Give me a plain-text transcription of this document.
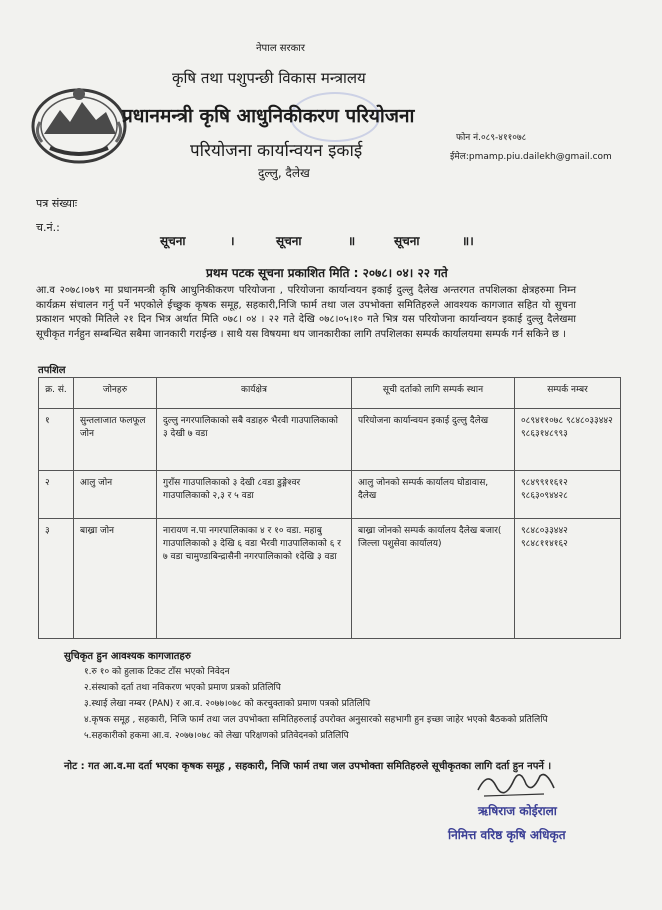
नेपाल सरकार
कृषि तथा पशुपन्छी विकास मन्त्रालय
प्रधानमन्त्री कृषि आधुनिकीकरण परियोजना
परियोजना कार्यान्वयन इकाई
दुल्लु, दैलेख
फोन नं.०८९-४११०७८
ईमेल:pmamp.piu.dailekh@gmail.com
पत्र संख्याः
च.नं.:
सूचना	।	सूचना	॥	सूचना	॥।
प्रथम पटक सूचना प्रकाशित मिति : २०७८। ०४। २२ गते
आ.व २०७८।०७९ मा प्रधानमन्त्री कृषि आधुनिकीकरण परियोजना , परियोजना कार्यान्वयन इकाई दुल्लु दैलेख अन्तरगत तपशिलका क्षेत्रहरुमा निम्न कार्यक्रम संचालन गर्नु पर्ने भएकोले ईच्छुक कृषक समूह, सहकारी,निजि फार्म तथा जल उपभोक्ता समितिहरुले आवश्यक कागजात सहित यो सुचना प्रकाशन भएको मितिले २१ दिन भित्र अर्थात मिति ०७८। ०४ । २२ गते देखि ०७८।०५।१० गते भित्र यस परियोजना कार्यान्वयन इकाई दुल्लु दैलेखमा सूचीकृत गर्नहुन सम्बन्धित सबैमा जानकारी गराईन्छ । साथै यस विषयमा थप जानकारीका लागि तपशिलका सम्पर्क कार्यालयमा सम्पर्क गर्न सकिने छ ।
तपशिल
क्र. सं.	जोनहरु	कार्यक्षेत्र	सूची दर्ताको लागि सम्पर्क स्थान	सम्पर्क नम्बर
१	सुन्तलाजात फलफूल जोन	दुल्लु नगरपालिकाको सबै वडाहरु भैरवी गाउपालिकाको ३ देखी ७ वडा	परियोजना कार्यान्वयन इकाई दुल्लु दैलेख	०८९४११०७८ ९८४८०३३४४२ ९८६३१४८९९३
२	आलु जोन	गुराँस गाउपालिकाको ३ देखी ८वडा डुङ्गेश्वर गाउपालिकाको २,३ र ५ वडा	आलु जोनको सम्पर्क कार्यालय घोडावास, दैलेख	९८४९९११६१२ ९८६३०९४४२८
३	बाख्रा जोन	नारायण न.पा नगरपालिकाका ४ र १० वडा. महाबु गाउपालिकाको ३ देखि ६ वडा भैरवी गाउपालिकाको ६ र ७ वडा चामुण्डाबिन्द्रासैनी नगरपालिकाको १देखि ३ वडा	बाख्रा जोनको सम्पर्क कार्यालय दैलेख बजार( जिल्ला पशुसेवा कार्यालय)	९८४८०३३४४२ ९८४८११४१६२
सुचिकृत हुन आवश्यक कागजातहरु
१.रु १० को हुलाक टिकट टाँस भएको निवेदन
२.संस्थाको दर्ता तथा नविकरण भएको प्रमाण प्रत्रको प्रतिलिपि
३.स्थाई लेखा नम्बर (PAN) र आ.व. २०७७।०७८ को करचुक्ताको प्रमाण पत्रको प्रतिलिपि
४.कृषक समूह , सहकारी, निजि फार्म तथा जल उपभोक्ता समितिहरुलाई उपरोक्त अनुसारको सहभागी हुन इच्छा जाहेर भएको बैठकको प्रतिलिपि
५.सहकारीको हकमा आ.व. २०७७।०७८ को लेखा परिक्षणको प्रतिवेदनको प्रतिलिपि
नोट : गत आ.व.मा दर्ता भएका कृषक समूह , सहकारी, निजि फार्म तथा जल उपभोक्ता समितिहरुले सूचीकृतका लागि दर्ता हुन नपर्ने ।
ऋषिराज कोईराला
निमित्त वरिष्ठ कृषि अधिकृत
